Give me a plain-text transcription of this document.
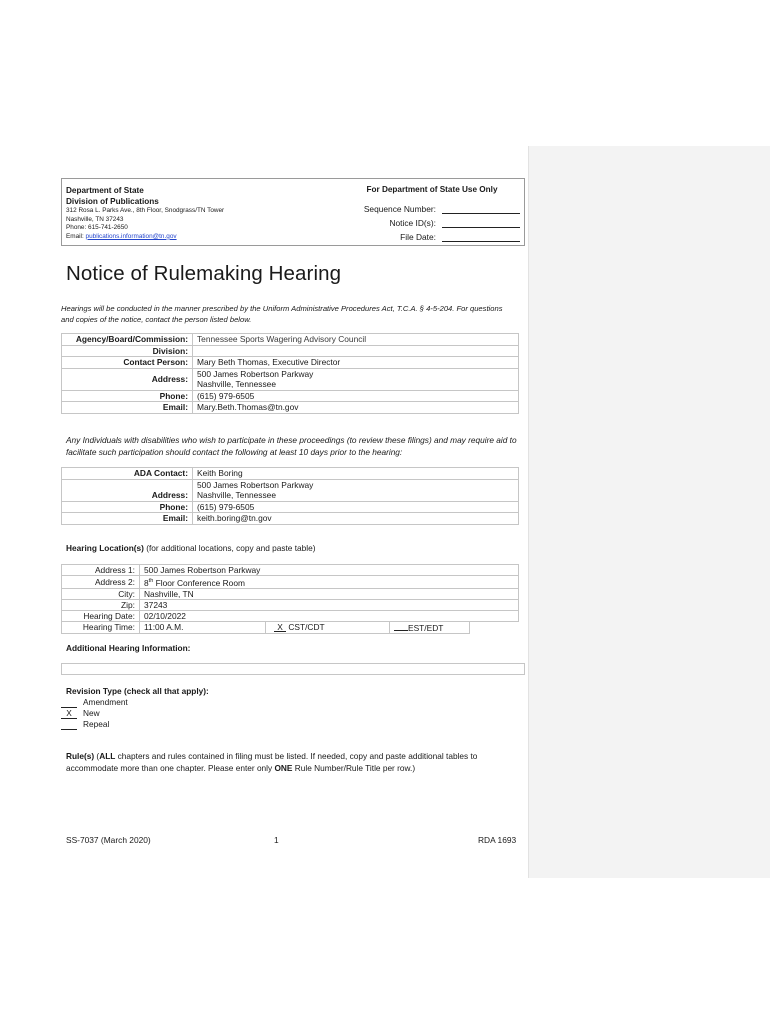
Department of State
Division of Publications
312 Rosa L. Parks Ave., 8th Floor, Snodgrass/TN Tower
Nashville, TN 37243
Phone: 615-741-2650
Email: publications.information@tn.gov
For Department of State Use Only
Sequence Number:
Notice ID(s):
File Date:
Notice of Rulemaking Hearing
Hearings will be conducted in the manner prescribed by the Uniform Administrative Procedures Act, T.C.A. § 4-5-204. For questions and copies of the notice, contact the person listed below.
Agency/Board/Commission:	Tennessee Sports Wagering Advisory Council
Division:	
Contact Person:	Mary Beth Thomas, Executive Director
Address:	500 James Robertson Parkway
Nashville, Tennessee

Phone:	(615) 979-6505
Email:	Mary.Beth.Thomas@tn.gov
Any Individuals with disabilities who wish to participate in these proceedings (to review these filings) and may require aid to facilitate such participation should contact the following at least 10 days prior to the hearing:
ADA Contact:	Keith Boring
Address:	500 James Robertson Parkway
Nashville, Tennessee

Phone:	(615) 979-6505
Email:	keith.boring@tn.gov
Hearing Location(s) (for additional locations, copy and paste table)
Address 1:	500 James Robertson Parkway			
Address 2:	8th Floor Conference Room			
City:	Nashville, TN			
Zip:	37243			
Hearing Date:	02/10/2022			
Hearing Time:	11:00 A.M.	X CST/CDT	EST/EDT	
Additional Hearing Information:
Revision Type (check all that apply):
Amendment
X	New
Repeal
Rule(s) (ALL chapters and rules contained in filing must be listed. If needed, copy and paste additional tables to accommodate more than one chapter. Please enter only ONE Rule Number/Rule Title per row.)
SS-7037 (March 2020)	1	RDA 1693
